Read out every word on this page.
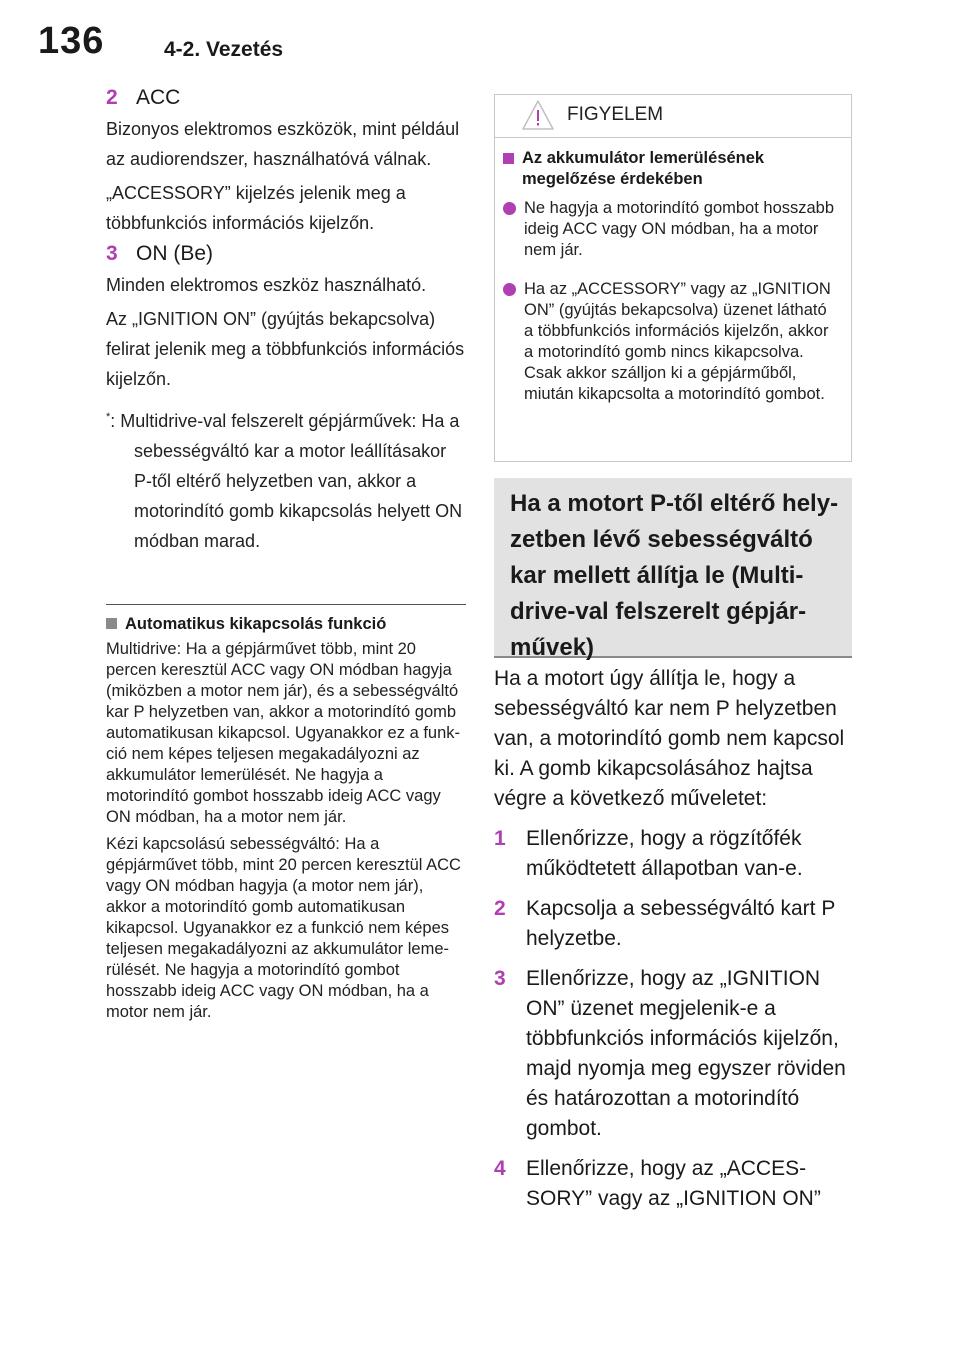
136	4-2. Vezetés
2 ACC

Bizonyos elektromos eszközök, mint például az audiorendszer, használhatóvá válnak.

„ACCESSORY” kijelzés jelenik meg a többfunkciós információs kijelzőn.

3 ON (Be)

Minden elektromos eszköz használható.

Az „IGNITION ON” (gyújtás bekapcsolva) felirat jelenik meg a többfunkciós információs kijelzőn.

*: Multidrive-val felszerelt gépjárművek: Ha a sebességváltó kar a motor leállításakor P-től eltérő helyzetben van, akkor a motorindító gomb kikapcsolás helyett ON módban marad.

Automatikus kikapcsolás funkció

Multidrive: Ha a gépjárművet több, mint 20 percen keresztül ACC vagy ON módban hagyja (miközben a motor nem jár), és a sebességváltó kar P helyzetben van, akkor a motorindító gomb automatikusan kikapcsol. Ugyanakkor ez a funkció nem képes teljesen megakadályozni az akkumulátor lemerülését. Ne hagyja a motorindító gombot hosszabb ideig ACC vagy ON módban, ha a motor nem jár.

Kézi kapcsolású sebességváltó: Ha a gépjárművet több, mint 20 percen keresztül ACC vagy ON módban hagyja (a motor nem jár), akkor a motorindító gomb automatikusan kikapcsol. Ugyanakkor ez a funkció nem képes teljesen megakadályozni az akkumulátor lemerülését. Ne hagyja a motorindító gombot hosszabb ideig ACC vagy ON módban, ha a motor nem jár.

FIGYELEM
Az akkumulátor lemerülésének megelőzése érdekében
Ne hagyja a motorindító gombot hosszabb ideig ACC vagy ON módban, ha a motor nem jár.
Ha az „ACCESSORY” vagy az „IGNITION ON” (gyújtás bekapcsolva) üzenet látható a többfunkciós információs kijelzőn, akkor a motorindító gomb nincs kikapcsolva. Csak akkor szálljon ki a gépjárműből, miután kikapcsolta a motorindító gombot.
Ha a motort P-től eltérő helyzetben lévő sebességváltó kar mellett állítja le (Multidrive-val felszerelt gépjárművek)

Ha a motort úgy állítja le, hogy a sebességváltó kar nem P helyzetben van, a motorindító gomb nem kapcsol ki. A gomb kikapcsolásához hajtsa végre a következő műveletet:

1 Ellenőrizze, hogy a rögzítőfék működtetett állapotban van-e.
2 Kapcsolja a sebességváltó kart P helyzetbe.
3 Ellenőrizze, hogy az „IGNITION ON” üzenet megjelenik-e a többfunkciós információs kijelzőn, majd nyomja meg egyszer röviden és határozottan a motorindító gombot.
4 Ellenőrizze, hogy az „ACCESSORY” vagy az „IGNITION ON”
